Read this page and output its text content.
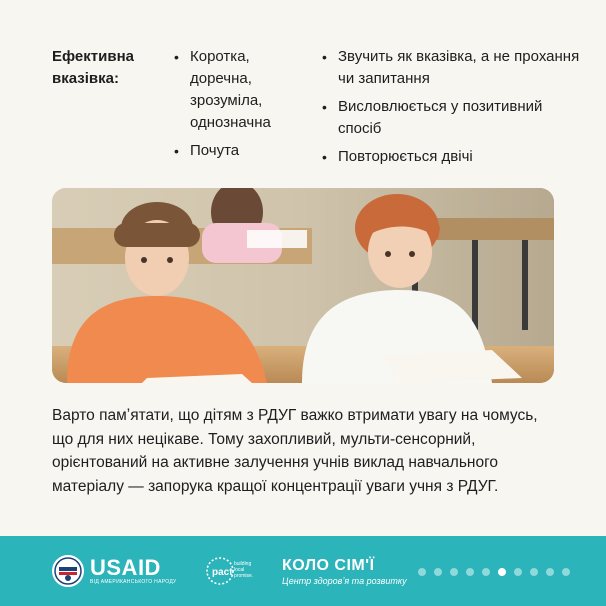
Ефективна вказівка:
• Коротка, доречна, зрозуміла, однозначна
• Почута
• Звучить як вказівка, а не прохання чи запитання
• Висловлюється у позитивний спосіб
• Повторюється двічі

Варто памʼятати, що дітям з РДУГ важко втримати увагу на чомусь, що для них нецікаве. Тому захопливий, мульти-сенсорний, орієнтований на активне залучення учнів виклад навчального матеріалу — запорука кращої концентрації уваги учня з РДУГ.

USAID
ВІД АМЕРИКАНСЬКОГО НАРОДУ
pact
building
local
promise.
КОЛО СІМ'Ї
Центр здоровʼя та розвитку
